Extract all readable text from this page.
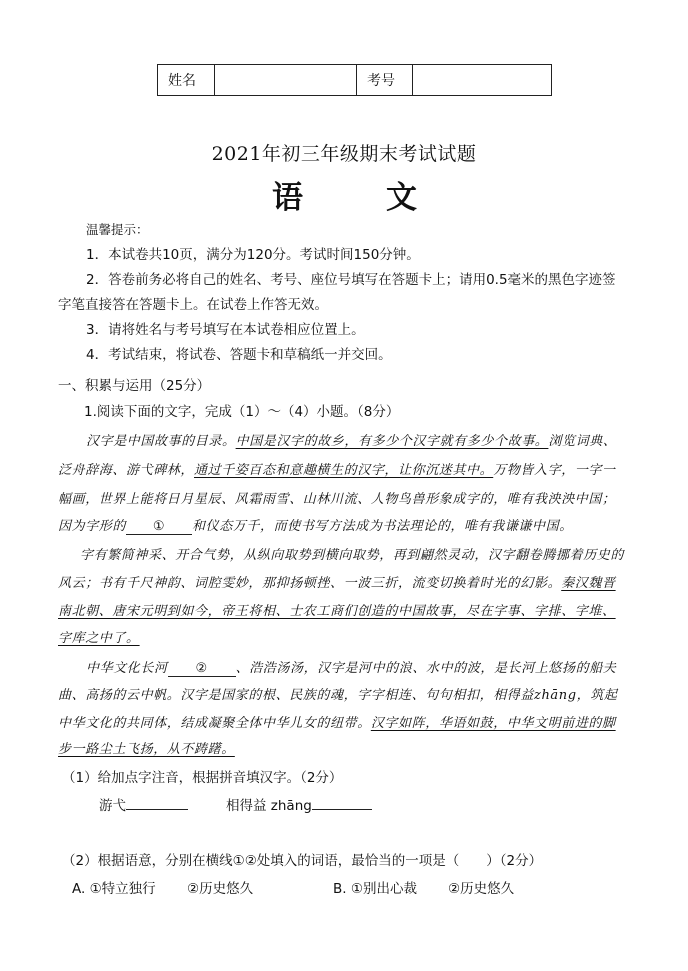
姓名		考号	
2021年初三年级期末考试试题
语	文
温馨提示：
1．本试卷共10页，满分为120分。考试时间150分钟。
2．答卷前务必将自己的姓名、考号、座位号填写在答题卡上；请用0.5毫米的黑色字迹签
字笔直接答在答题卡上。在试卷上作答无效。
3．请将姓名与考号填写在本试卷相应位置上。
4．考试结束，将试卷、答题卡和草稿纸一并交回。
一、积累与运用（25分）
1.阅读下面的文字，完成（1）～（4）小题。（8分）
汉字是中国故事的目录。中国是汉字的故乡，有多少个汉字就有多少个故事。浏览词典、
泛舟辞海、游弋碑林，通过千姿百态和意趣横生的汉字，让你沉迷其中。万物皆入字，一字一
幅画，世界上能将日月星辰、风霜雨雪、山林川流、人物鸟兽形象成字的，唯有我泱泱中国；
因为字形的 ① 和仪态万千，而使书写方法成为书法理论的，唯有我谦谦中国。
字有繁简神采、开合气势，从纵向取势到横向取势，再到翩然灵动，汉字翻卷腾挪着历史的
风云；书有千尺神韵、词腔雯妙，那抑扬顿挫、一波三折，流变切换着时光的幻影。秦汉魏晋
南北朝、唐宋元明到如今，帝王将相、士农工商们创造的中国故事，尽在字事、字排、字堆、
字库之中了。
中华文化长河 ② 、浩浩汤汤，汉字是河中的浪、水中的波，是长河上悠扬的船夫
曲、高扬的云中帆。汉字是国家的根、民族的魂，字字相连、句句相扣，相得益zhāng，筑起
中华文化的共同体，结成凝聚全体中华儿女的纽带。汉字如阵，华语如鼓，中华文明前进的脚
步一路尘土飞扬，从不踌躇。
（1）给加点字注音，根据拼音填汉字。（2分）
游弋	相得益 zhāng
（2）根据语意，分别在横线①②处填入的词语，最恰当的一项是（　　）（2分）
A. ①特立独行 ②历史悠久	B. ①别出心裁 ②历史悠久
